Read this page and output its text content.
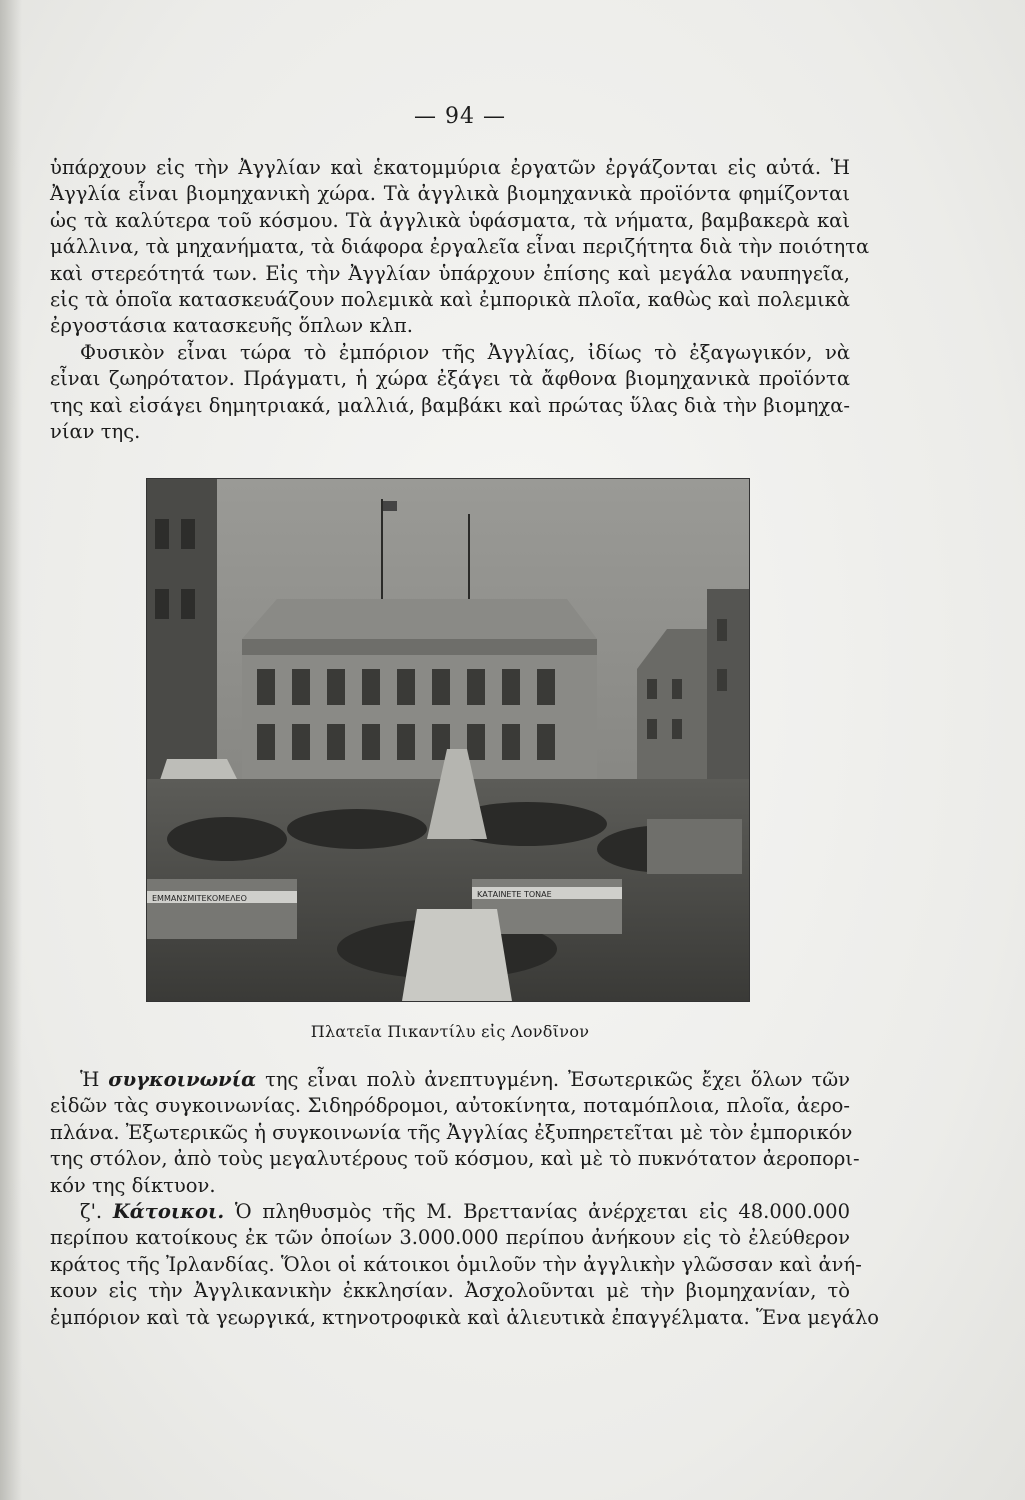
— 94 —
ὑπάρχουν εἰς τὴν Ἀγγλίαν καὶ ἑκατομμύρια ἐργατῶν ἐργάζονται εἰς αὐτά. Ἡ
Ἀγγλία εἶναι βιομηχανικὴ χώρα. Τὰ ἀγγλικὰ βιομηχανικὰ προϊόντα φημίζονται
ὡς τὰ καλύτερα τοῦ κόσμου. Τὰ ἀγγλικὰ ὑφάσματα, τὰ νήματα, βαμβακερὰ καὶ
μάλλινα, τὰ μηχανήματα, τὰ διάφορα ἐργαλεῖα εἶναι περιζήτητα διὰ τὴν ποιότητα
καὶ στερεότητά των. Εἰς τὴν Ἀγγλίαν ὑπάρχουν ἐπίσης καὶ μεγάλα ναυπηγεῖα,
εἰς τὰ ὁποῖα κατασκευάζουν πολεμικὰ καὶ ἐμπορικὰ πλοῖα, καθὼς καὶ πολεμικὰ
ἐργοστάσια κατασκευῆς ὅπλων κλπ.
Φυσικὸν εἶναι τώρα τὸ ἐμπόριον τῆς Ἀγγλίας, ἰδίως τὸ ἐξαγωγικόν, νὰ
εἶναι ζωηρότατον. Πράγματι, ἡ χώρα ἐξάγει τὰ ἄφθονα βιομηχανικὰ προϊόντα
της καὶ εἰσάγει δημητριακά, μαλλιά, βαμβάκι καὶ πρώτας ὕλας διὰ τὴν βιομηχα-
νίαν της.
ΕΜΜΑΝΣΜΙΤΕΚΟΜΕΛΕΟ	ΚΑΤΑΙΝΕΤΕ ΤΟΝΑΕ
Πλατεῖα Πικαντίλυ εἰς Λονδῖνον
Ἡ συγκοινωνία της εἶναι πολὺ ἀνεπτυγμένη. Ἐσωτερικῶς ἔχει ὅλων τῶν
εἰδῶν τὰς συγκοινωνίας. Σιδηρόδρομοι, αὐτοκίνητα, ποταμόπλοια, πλοῖα, ἀερο-
πλάνα. Ἐξωτερικῶς ἡ συγκοινωνία τῆς Ἀγγλίας ἐξυπηρετεῖται μὲ τὸν ἐμπορικόν
της στόλον, ἀπὸ τοὺς μεγαλυτέρους τοῦ κόσμου, καὶ μὲ τὸ πυκνότατον ἀεροπορι-
κόν της δίκτυον.
ζ'. Κάτοικοι. Ὁ πληθυσμὸς τῆς Μ. Βρεττανίας ἀνέρχεται εἰς 48.000.000
περίπου κατοίκους ἐκ τῶν ὁποίων 3.000.000 περίπου ἀνήκουν εἰς τὸ ἐλεύθερον
κράτος τῆς Ἰρλανδίας. Ὅλοι οἱ κάτοικοι ὁμιλοῦν τὴν ἀγγλικὴν γλῶσσαν καὶ ἀνή-
κουν εἰς τὴν Ἀγγλικανικὴν ἐκκλησίαν. Ἀσχολοῦνται μὲ τὴν βιομηχανίαν, τὸ
ἐμπόριον καὶ τὰ γεωργικά, κτηνοτροφικὰ καὶ ἁλιευτικὰ ἐπαγγέλματα. Ἕνα μεγάλο
